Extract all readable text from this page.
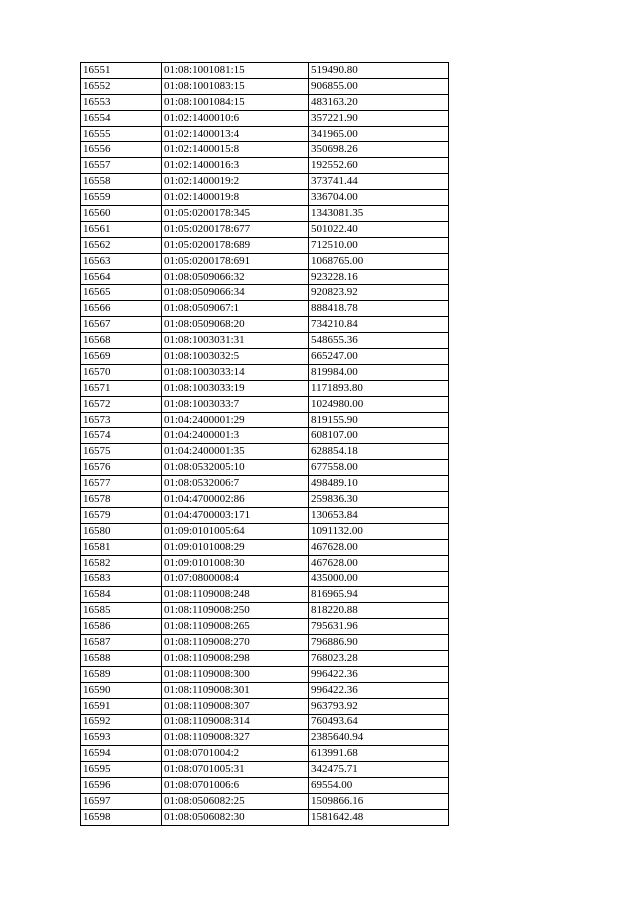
16551	01:08:1001081:15	519490.80
16552	01:08:1001083:15	906855.00
16553	01:08:1001084:15	483163.20
16554	01:02:1400010:6	357221.90
16555	01:02:1400013:4	341965.00
16556	01:02:1400015:8	350698.26
16557	01:02:1400016:3	192552.60
16558	01:02:1400019:2	373741.44
16559	01:02:1400019:8	336704.00
16560	01:05:0200178:345	1343081.35
16561	01:05:0200178:677	501022.40
16562	01:05:0200178:689	712510.00
16563	01:05:0200178:691	1068765.00
16564	01:08:0509066:32	923228.16
16565	01:08:0509066:34	920823.92
16566	01:08:0509067:1	888418.78
16567	01:08:0509068:20	734210.84
16568	01:08:1003031:31	548655.36
16569	01:08:1003032:5	665247.00
16570	01:08:1003033:14	819984.00
16571	01:08:1003033:19	1171893.80
16572	01:08:1003033:7	1024980.00
16573	01:04:2400001:29	819155.90
16574	01:04:2400001:3	608107.00
16575	01:04:2400001:35	628854.18
16576	01:08:0532005:10	677558.00
16577	01:08:0532006:7	498489.10
16578	01:04:4700002:86	259836.30
16579	01:04:4700003:171	130653.84
16580	01:09:0101005:64	1091132.00
16581	01:09:0101008:29	467628.00
16582	01:09:0101008:30	467628.00
16583	01:07:0800008:4	435000.00
16584	01:08:1109008:248	816965.94
16585	01:08:1109008:250	818220.88
16586	01:08:1109008:265	795631.96
16587	01:08:1109008:270	796886.90
16588	01:08:1109008:298	768023.28
16589	01:08:1109008:300	996422.36
16590	01:08:1109008:301	996422.36
16591	01:08:1109008:307	963793.92
16592	01:08:1109008:314	760493.64
16593	01:08:1109008:327	2385640.94
16594	01:08:0701004:2	613991.68
16595	01:08:0701005:31	342475.71
16596	01:08:0701006:6	69554.00
16597	01:08:0506082:25	1509866.16
16598	01:08:0506082:30	1581642.48
